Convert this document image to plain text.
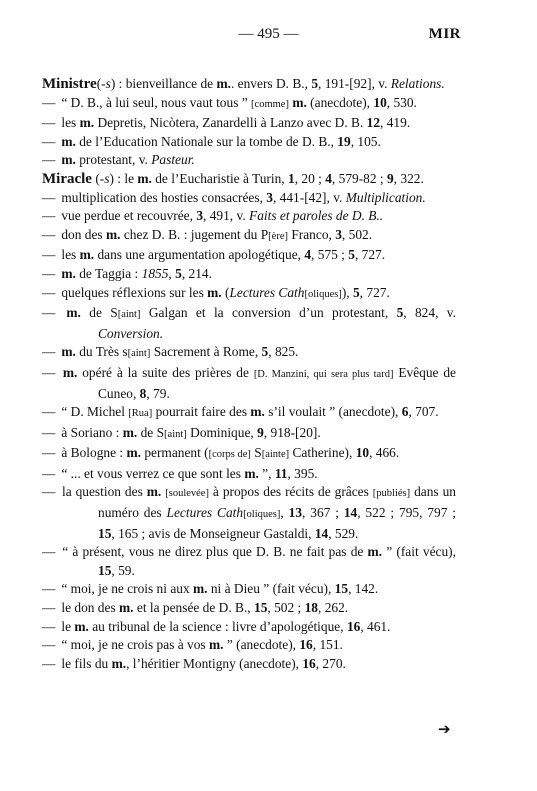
— 495 —	MIR
Ministre(-s) : bienveillance de m.. envers D. B., 5, 191-[92], v. Relations.
— “ D. B., à lui seul, nous vaut tous ” [comme] m. (anecdote), 10, 530.
— les m. Depretis, Nicòtera, Zanardelli à Lanzo avec D. B. 12, 419.
— m. de l’Education Nationale sur la tombe de D. B., 19, 105.
— m. protestant, v. Pasteur.
Miracle (-s) : le m. de l’Eucharistie à Turin, 1, 20 ; 4, 579-82 ; 9, 322.
— multiplication des hosties consacrées, 3, 441-[42], v. Multiplication.
— vue perdue et recouvrée, 3, 491, v. Faits et paroles de D. B..
— don des m. chez D. B. : jugement du P[ère] Franco, 3, 502.
— les m. dans une argumentation apologétique, 4, 575 ; 5, 727.
— m. de Taggia : 1855, 5, 214.
— quelques réflexions sur les m. (Lectures Cath[oliques]), 5, 727.
— m. de S[aint] Galgan et la conversion d’un protestant, 5, 824, v. Conversion.
— m. du Très s[aint] Sacrement à Rome, 5, 825.
— m. opéré à la suite des prières de [D. Manzini, qui sera plus tard] Evêque de Cuneo, 8, 79.
— “ D. Michel [Rua] pourrait faire des m. s’il voulait ” (anecdote), 6, 707.
— à Soriano : m. de S[aint] Dominique, 9, 918-[20].
— à Bologne : m. permanent ([corps de] S[ainte] Catherine), 10, 466.
— “ ... et vous verrez ce que sont les m. ”, 11, 395.
— la question des m. [soulevée] à propos des récits de grâces [publiés] dans un numéro des Lectures Cath[oliques], 13, 367 ; 14, 522 ; 795, 797 ; 15, 165 ; avis de Monseigneur Gastaldi, 14, 529.
— “ à présent, vous ne direz plus que D. B. ne fait pas de m. ” (fait vécu), 15, 59.
— “ moi, je ne crois ni aux m. ni à Dieu ” (fait vécu), 15, 142.
— le don des m. et la pensée de D. B., 15, 502 ; 18, 262.
— le m. au tribunal de la science : livre d’apologétique, 16, 461.
— “ moi, je ne crois pas à vos m. ” (anecdote), 16, 151.
— le fils du m., l’héritier Montigny (anecdote), 16, 270.
➔
